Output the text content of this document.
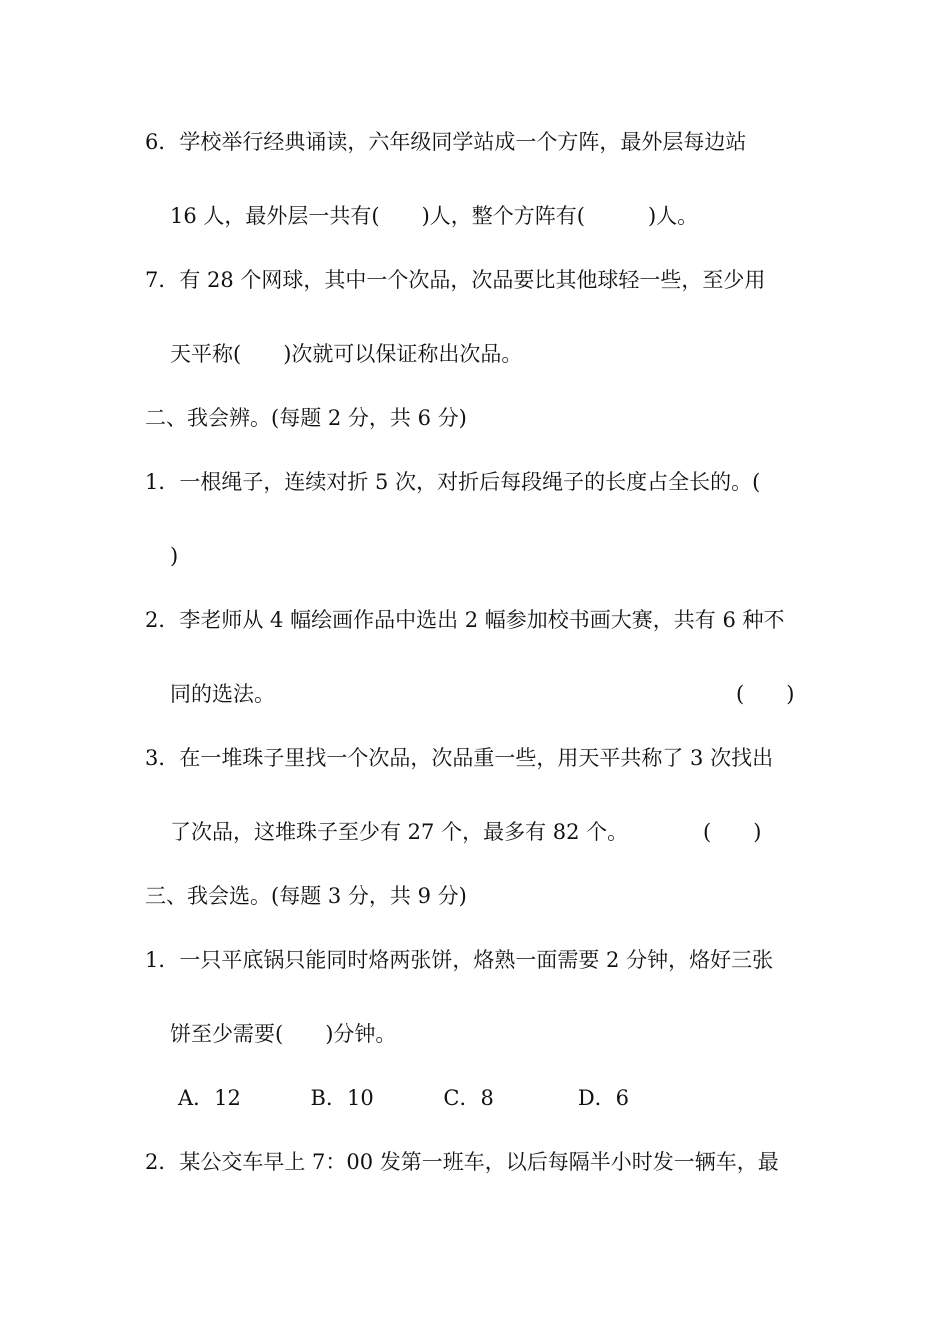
6．学校举行经典诵读，六年级同学站成一个方阵，最外层每边站
16 人，最外层一共有(　　)人，整个方阵有(　　　)人。
7．有 28 个网球，其中一个次品，次品要比其他球轻一些，至少用
天平称(　　)次就可以保证称出次品。
二、我会辨。(每题 2 分，共 6 分)
1．一根绳子，连续对折 5 次，对折后每段绳子的长度占全长的。(
)
2．李老师从 4 幅绘画作品中选出 2 幅参加校书画大赛，共有 6 种不
同的选法。	(　　)
3．在一堆珠子里找一个次品，次品重一些，用天平共称了 3 次找出
了次品，这堆珠子至少有 27 个，最多有 82 个。	(　　)
三、我会选。(每题 3 分，共 9 分)
1．一只平底锅只能同时烙两张饼，烙熟一面需要 2 分钟，烙好三张
饼至少需要(　　)分钟。
A．12　　　 B．10　　　 C．8　　　　D．6
2．某公交车早上 7：00 发第一班车，以后每隔半小时发一辆车，最
